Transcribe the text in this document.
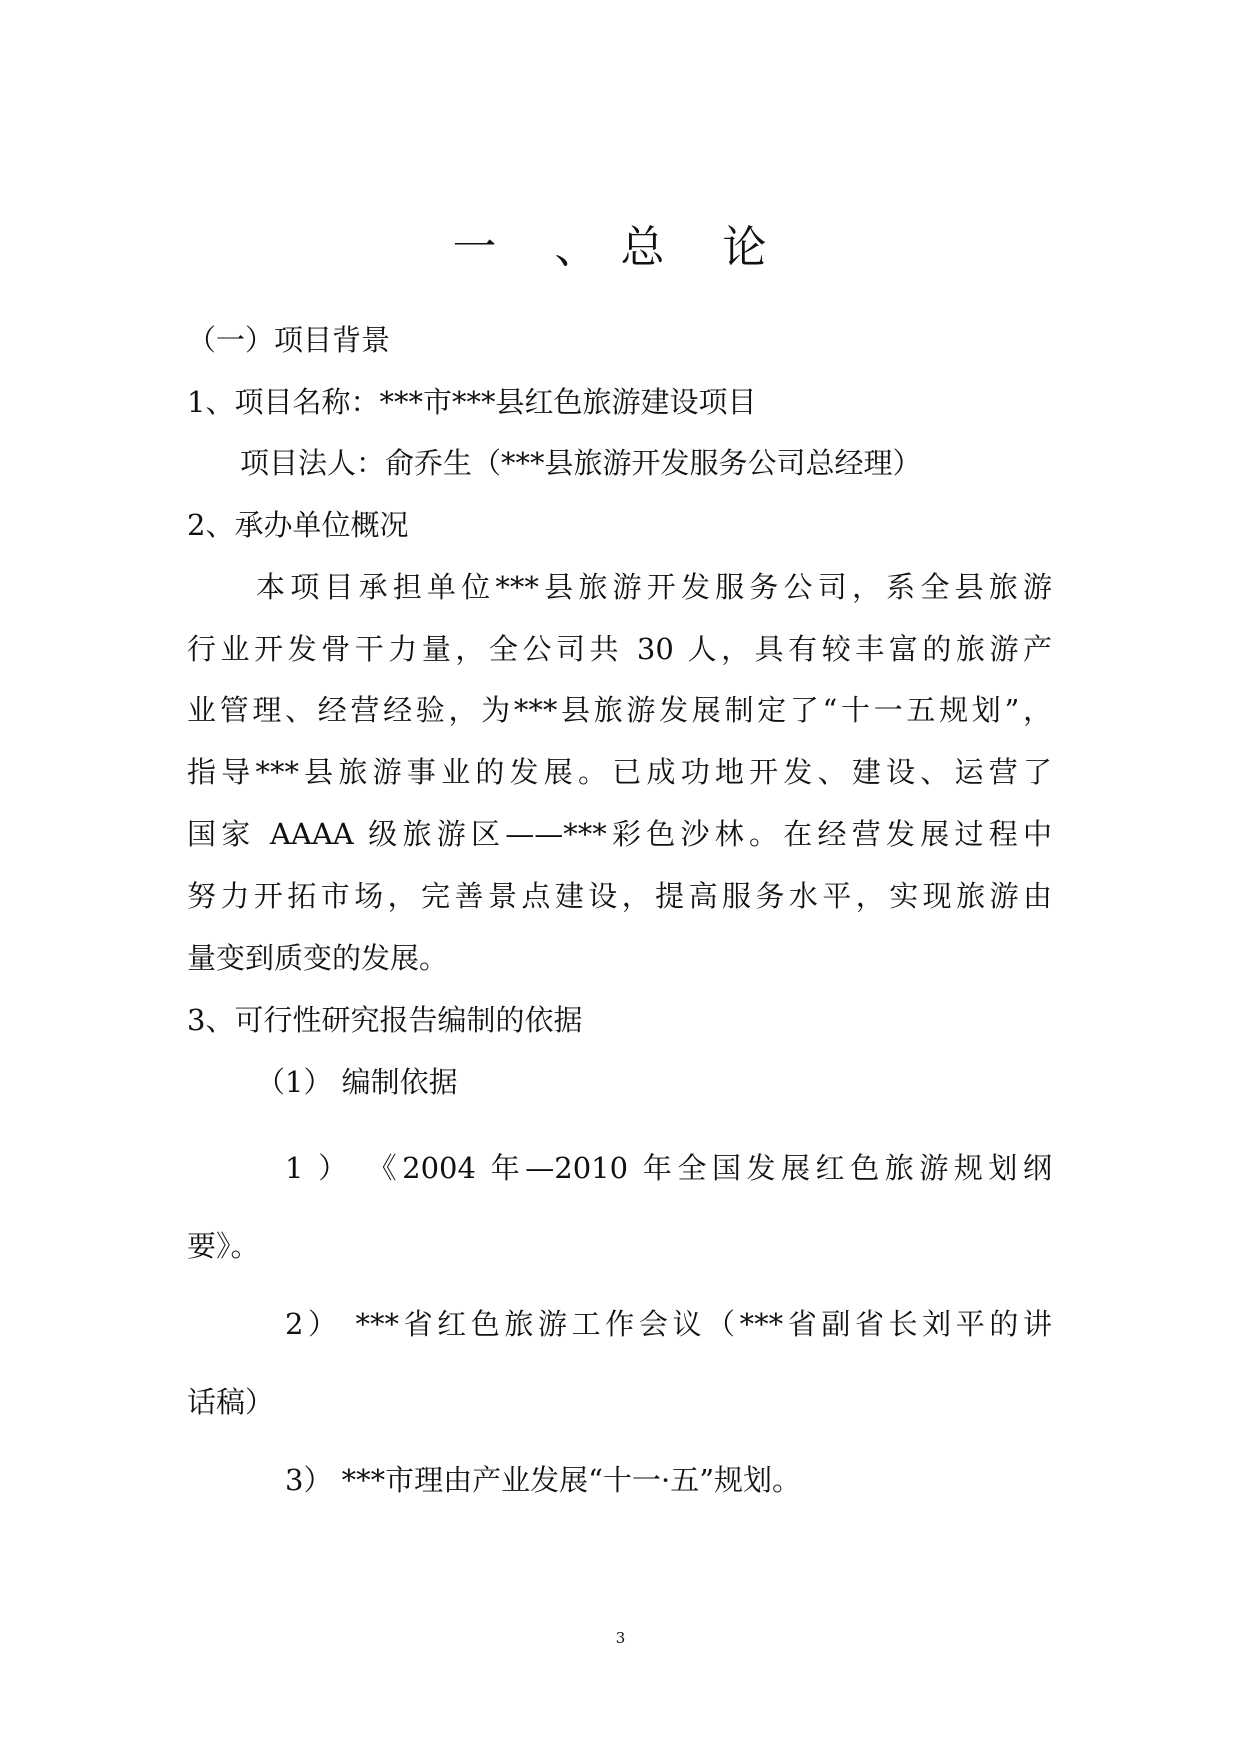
一 、总 论
（一）项目背景
1、项目名称：***市***县红色旅游建设项目
项目法人：俞乔生（***县旅游开发服务公司总经理）
2、承办单位概况
本项目承担单位***县旅游开发服务公司，系全县旅游
行业开发骨干力量，全公司共 30 人，具有较丰富的旅游产
业管理、经营经验，为***县旅游发展制定了“十一五规划”，
指导***县旅游事业的发展。已成功地开发、建设、运营了
国家 AAAA 级旅游区——***彩色沙林。在经营发展过程中
努力开拓市场，完善景点建设，提高服务水平，实现旅游由
量变到质变的发展。
3、可行性研究报告编制的依据
（1） 编制依据
1 ） 《2004 年—2010 年全国发展红色旅游规划纲
要》。
2） ***省红色旅游工作会议（***省副省长刘平的讲
话稿）
3） ***市理由产业发展“十一·五”规划。
3
